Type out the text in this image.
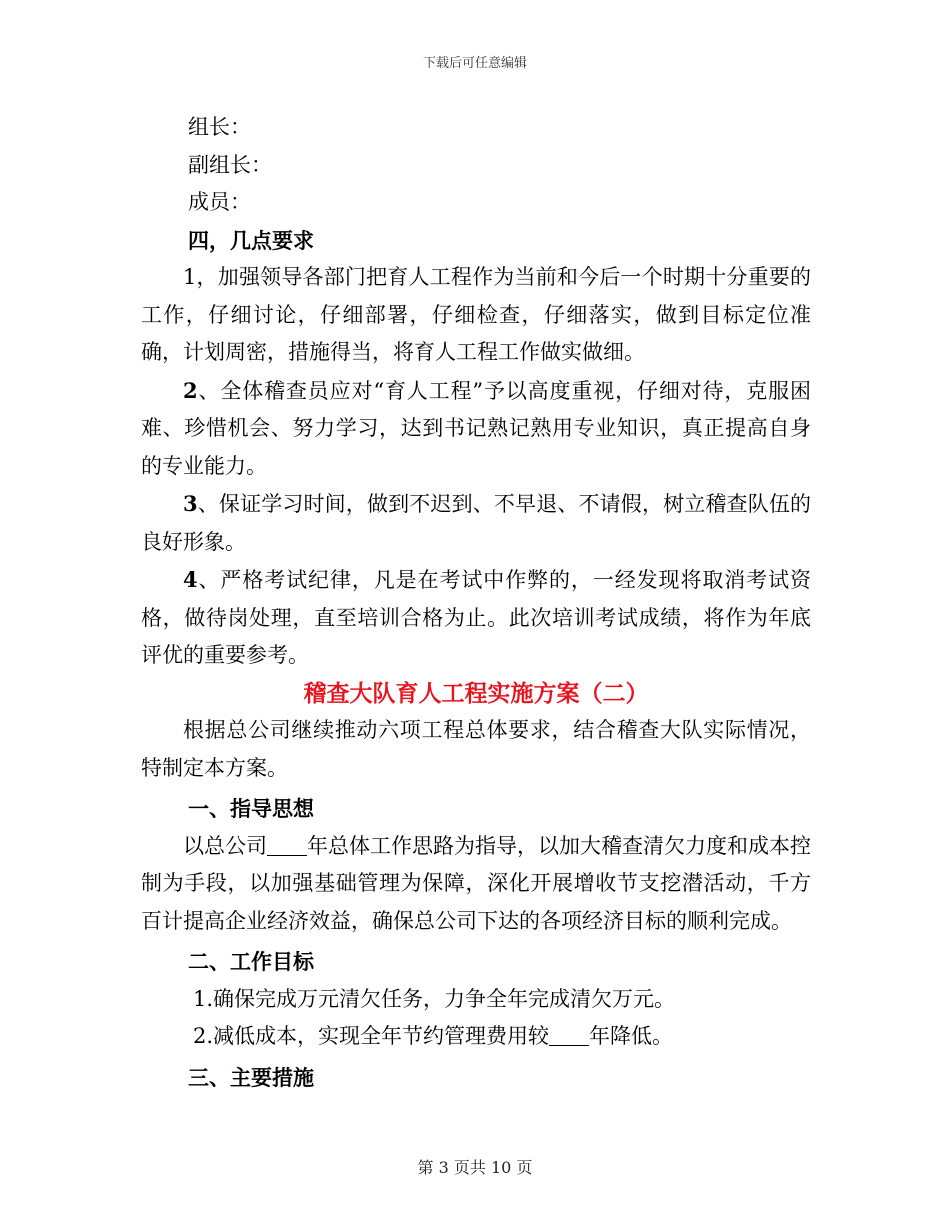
下载后可任意编辑

组长：

副组长：

成员：

四，几点要求

1，加强领导各部门把育人工程作为当前和今后一个时期十分重要的工作，仔细讨论，仔细部署，仔细检查，仔细落实，做到目标定位准确，计划周密，措施得当，将育人工程工作做实做细。

2、全体稽查员应对“育人工程”予以高度重视，仔细对待，克服困难、珍惜机会、努力学习，达到书记熟记熟用专业知识，真正提高自身的专业能力。

3、保证学习时间，做到不迟到、不早退、不请假，树立稽查队伍的良好形象。

4、严格考试纪律，凡是在考试中作弊的，一经发现将取消考试资格，做待岗处理，直至培训合格为止。此次培训考试成绩，将作为年底评优的重要参考。

稽查大队育人工程实施方案（二）

根据总公司继续推动六项工程总体要求，结合稽查大队实际情况，特制定本方案。

一、指导思想

以总公司 年总体工作思路为指导，以加大稽查清欠力度和成本控制为手段，以加强基础管理为保障，深化开展增收节支挖潜活动，千方百计提高企业经济效益，确保总公司下达的各项经济目标的顺利完成。

二、工作目标

1.确保完成万元清欠任务，力争全年完成清欠万元。

2.减低成本，实现全年节约管理费用较 年降低。

三、主要措施

第 3 页共 10 页
